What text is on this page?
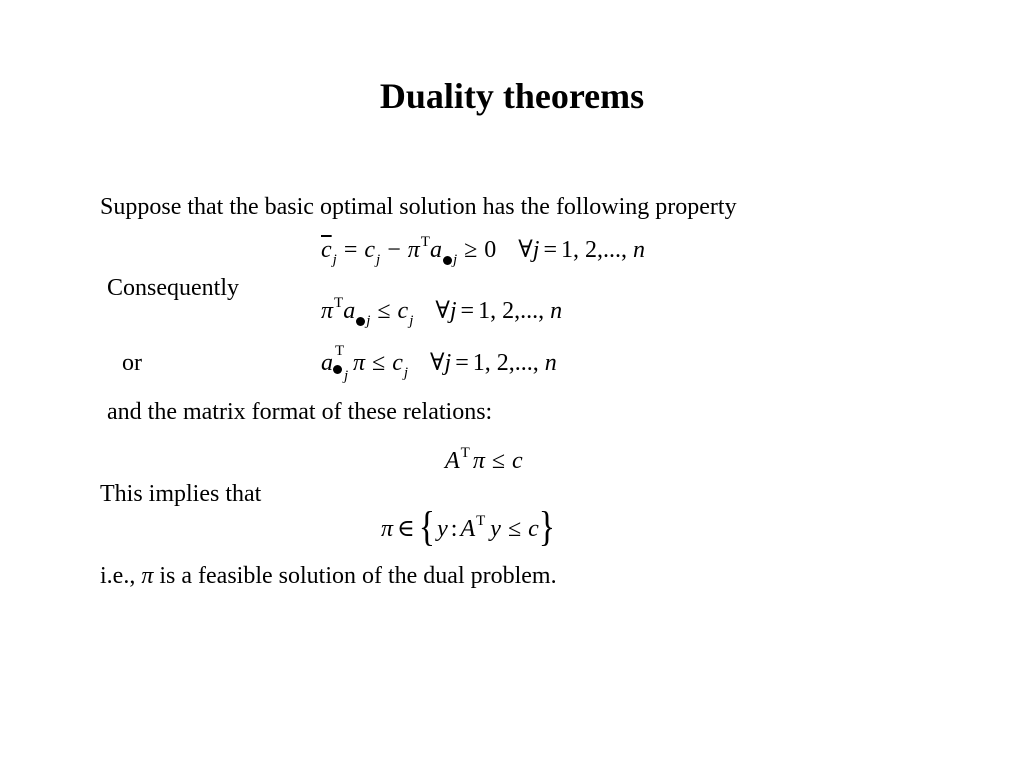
Duality theorems
Suppose that the basic optimal solution has the following property
$\overline{c}_j = c_j - \pi^Ta$ $_j$ ≥ 0 ∀j = 1, 2,..., n
Consequently
$\pi^Ta$ $_j \le c_j$ ∀j = 1, 2,..., n
or	a T
j $\pi \le c_j$ ∀j = 1, 2,..., n
and the matrix format of these relations:
$A^T$ π ≤ c
This implies that
π ∈ {y : $A^T$ y ≤ c}
i.e., π is a feasible solution of the dual problem.
